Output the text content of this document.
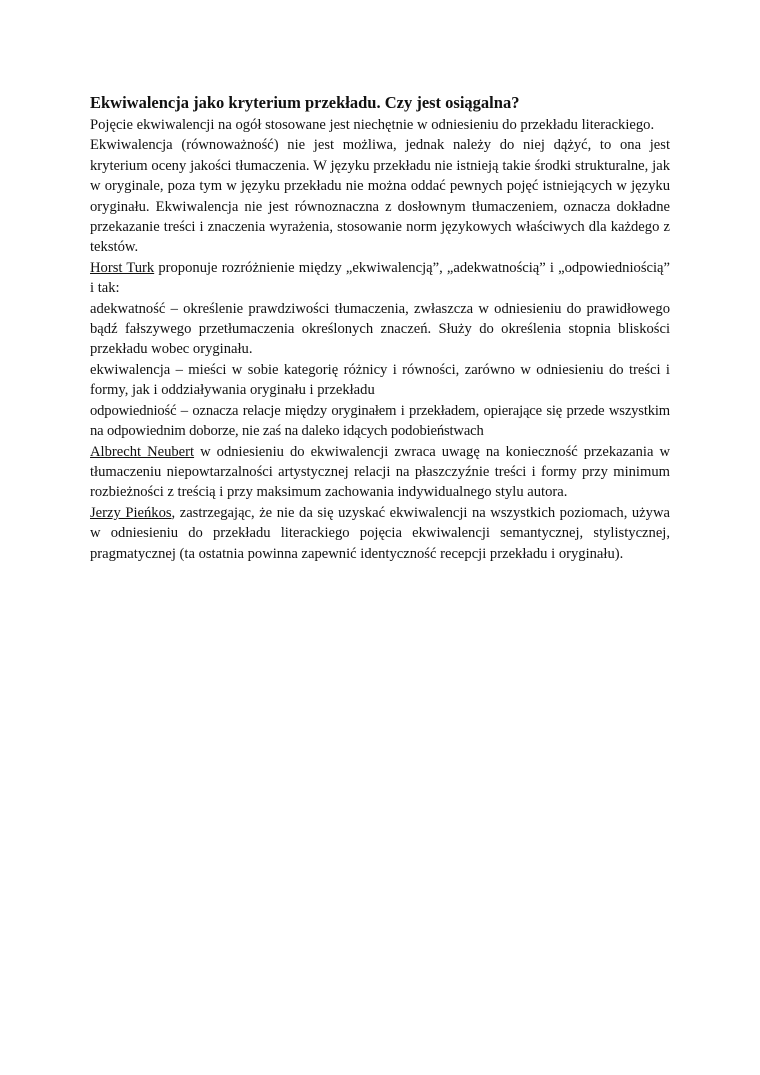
Ekwiwalencja jako kryterium przekładu. Czy jest osiągalna?

Pojęcie ekwiwalencji na ogół stosowane jest niechętnie w odniesieniu do przekładu literackiego.

Ekwiwalencja (równoważność) nie jest możliwa, jednak należy do niej dążyć, to ona jest kryterium oceny jakości tłumaczenia. W języku przekładu nie istnieją takie środki strukturalne, jak w oryginale, poza tym w języku przekładu nie można oddać pewnych pojęć istniejących w języku oryginału. Ekwiwalencja nie jest równoznaczna z dosłownym tłumaczeniem, oznacza dokładne przekazanie treści i znaczenia wyrażenia, stosowanie norm językowych właściwych dla każdego z tekstów.

Horst Turk proponuje rozróżnienie między „ekwiwalencją”, „adekwatnością” i „odpowiedniością” i tak:

adekwatność – określenie prawdziwości tłumaczenia, zwłaszcza w odniesieniu do prawidłowego bądź fałszywego przetłumaczenia określonych znaczeń. Służy do określenia stopnia bliskości przekładu wobec oryginału.

ekwiwalencja – mieści w sobie kategorię różnicy i równości, zarówno w odniesieniu do treści i formy, jak i oddziaływania oryginału i przekładu

odpowiedniość – oznacza relacje między oryginałem i przekładem, opierające się przede wszystkim na odpowiednim doborze, nie zaś na daleko idących podobieństwach

Albrecht Neubert w odniesieniu do ekwiwalencji zwraca uwagę na konieczność przekazania w tłumaczeniu niepowtarzalności artystycznej relacji na płaszczyźnie treści i formy przy minimum rozbieżności z treścią i przy maksimum zachowania indywidualnego stylu autora.

Jerzy Pieńkos, zastrzegając, że nie da się uzyskać ekwiwalencji na wszystkich poziomach, używa w odniesieniu do przekładu literackiego pojęcia ekwiwalencji semantycznej, stylistycznej, pragmatycznej (ta ostatnia powinna zapewnić identyczność recepcji przekładu i oryginału).
